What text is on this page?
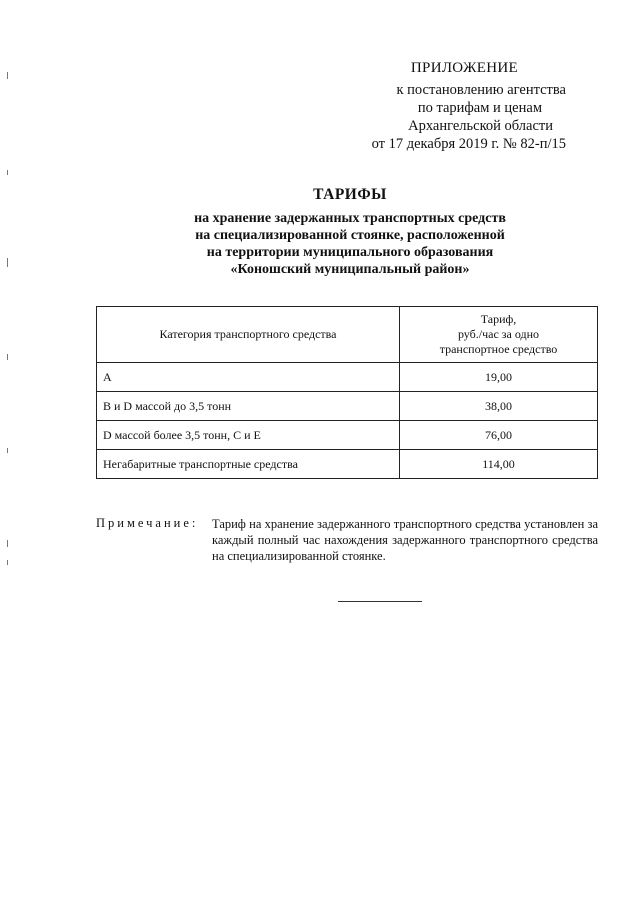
ПРИЛОЖЕНИЕ
к постановлению агентства
по тарифам и ценам
Архангельской области
от 17 декабря 2019 г. № 82-п/15
ТАРИФЫ
на хранение задержанных транспортных средств
на специализированной стоянке, расположенной
на территории муниципального образования
«Коношский муниципальный район»
Категория транспортного средства	Тариф,
руб./час за одно
транспортное средство

A	19,00
B и D массой до 3,5 тонн	38,00
D массой более 3,5 тонн, C и E	76,00
Негабаритные транспортные средства	114,00
Примечание: Тариф на хранение задержанного транспортного средства установлен за каждый полный час нахождения задержанного транспортного средства на специализированной стоянке.
